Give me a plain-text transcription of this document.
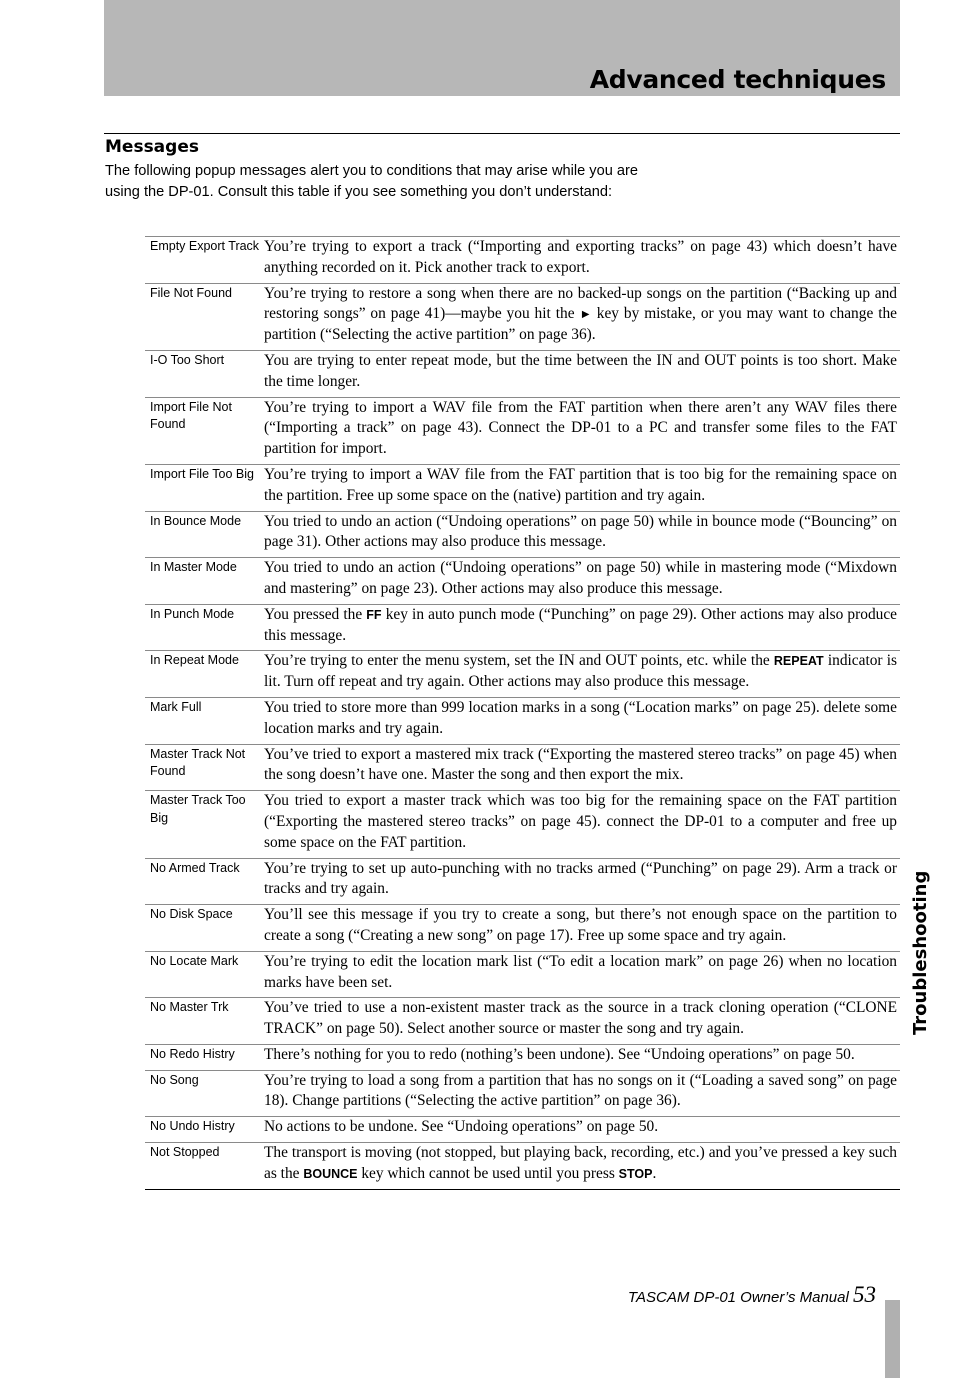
Advanced techniques
Messages
The following popup messages alert you to conditions that may arise while you are using the DP-01. Consult this table if you see something you don’t understand:
Empty Export Track	You’re trying to export a track (“Importing and exporting tracks” on page 43) which doesn’t have anything recorded on it. Pick another track to export.
File Not Found	You’re trying to restore a song when there are no backed-up songs on the partition (“Backing up and restoring songs” on page 41)—maybe you hit the ► key by mistake, or you may want to change the partition (“Selecting the active partition” on page 36).
I-O Too Short	You are trying to enter repeat mode, but the time between the IN and OUT points is too short. Make the time longer.
Import File Not Found	You’re trying to import a WAV file from the FAT partition when there aren’t any WAV files there (“Importing a track” on page 43). Connect the DP-01 to a PC and transfer some files to the FAT partition for import.
Import File Too Big	You’re trying to import a WAV file from the FAT partition that is too big for the remaining space on the partition. Free up some space on the (native) partition and try again.
In Bounce Mode	You tried to undo an action (“Undoing operations” on page 50) while in bounce mode (“Bouncing” on page 31). Other actions may also produce this message.
In Master Mode	You tried to undo an action (“Undoing operations” on page 50) while in mastering mode (“Mixdown and mastering” on page 23). Other actions may also produce this message.
In Punch Mode	You pressed the FF key in auto punch mode (“Punching” on page 29). Other actions may also produce this message.
In Repeat Mode	You’re trying to enter the menu system, set the IN and OUT points, etc. while the REPEAT indicator is lit. Turn off repeat and try again. Other actions may also produce this message.
Mark Full	You tried to store more than 999 location marks in a song (“Location marks” on page 25). delete some location marks and try again.
Master Track Not Found	You’ve tried to export a mastered mix track (“Exporting the mastered stereo tracks” on page 45) when the song doesn’t have one. Master the song and then export the mix.
Master Track Too Big	You tried to export a master track which was too big for the remaining space on the FAT partition (“Exporting the mastered stereo tracks” on page 45). connect the DP-01 to a computer and free up some space on the FAT partition.
No Armed Track	You’re trying to set up auto-punching with no tracks armed (“Punching” on page 29). Arm a track or tracks and try again.
No Disk Space	You’ll see this message if you try to create a song, but there’s not enough space on the partition to create a song (“Creating a new song” on page 17). Free up some space and try again.
No Locate Mark	You’re trying to edit the location mark list (“To edit a location mark” on page 26) when no location marks have been set.
No Master Trk	You’ve tried to use a non-existent master track as the source in a track cloning operation (“CLONE TRACK” on page 50). Select another source or master the song and try again.
No Redo Histry	There’s nothing for you to redo (nothing’s been undone). See “Undoing operations” on page 50.
No Song	You’re trying to load a song from a partition that has no songs on it (“Loading a saved song” on page 18). Change partitions (“Selecting the active partition” on page 36).
No Undo Histry	No actions to be undone. See “Undoing operations” on page 50.
Not Stopped	The transport is moving (not stopped, but playing back, recording, etc.) and you’ve pressed a key such as the BOUNCE key which cannot be used until you press STOP.
Troubleshooting
TASCAM DP-01 Owner’s Manual 53
